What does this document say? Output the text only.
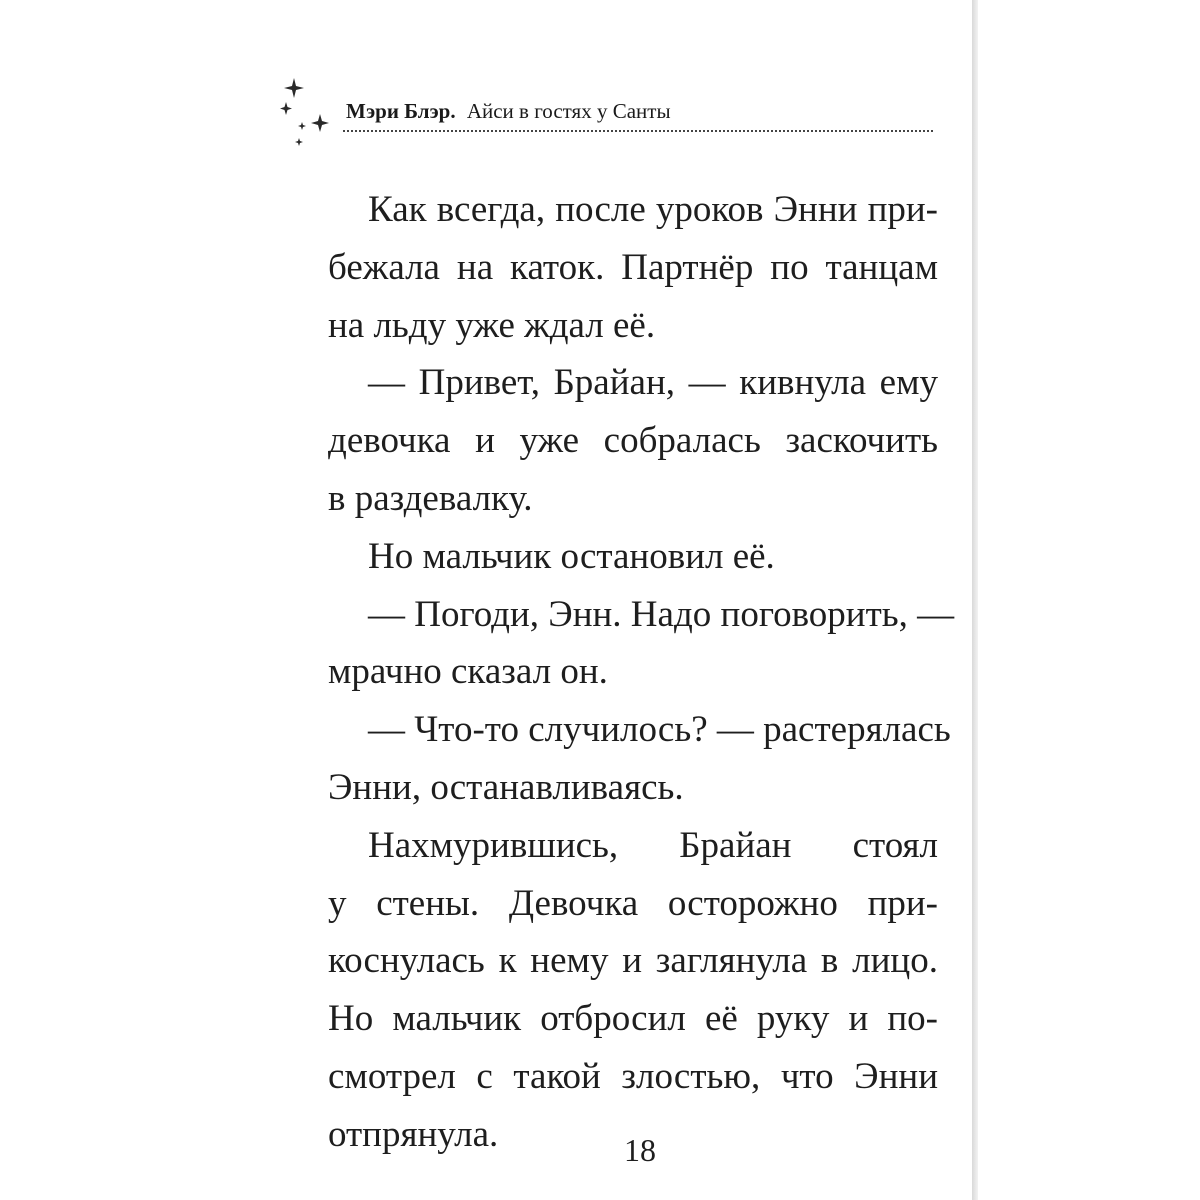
Мэри Блэр. Айси в гостях у Санты
Как всегда, после уроков Энни при-
бежала на каток. Партнёр по танцам
на льду уже ждал её.
— Привет, Брайан, — кивнула ему
девочка и уже собралась заскочить
в раздевалку.
Но мальчик остановил её.
— Погоди, Энн. Надо поговорить, —
мрачно сказал он.
— Что-то случилось? — растерялась
Энни, останавливаясь.
Нахмурившись, Брайан стоял
у стены. Девочка осторожно при-
коснулась к нему и заглянула в лицо.
Но мальчик отбросил её руку и по-
смотрел с такой злостью, что Энни
отпрянула.	18
